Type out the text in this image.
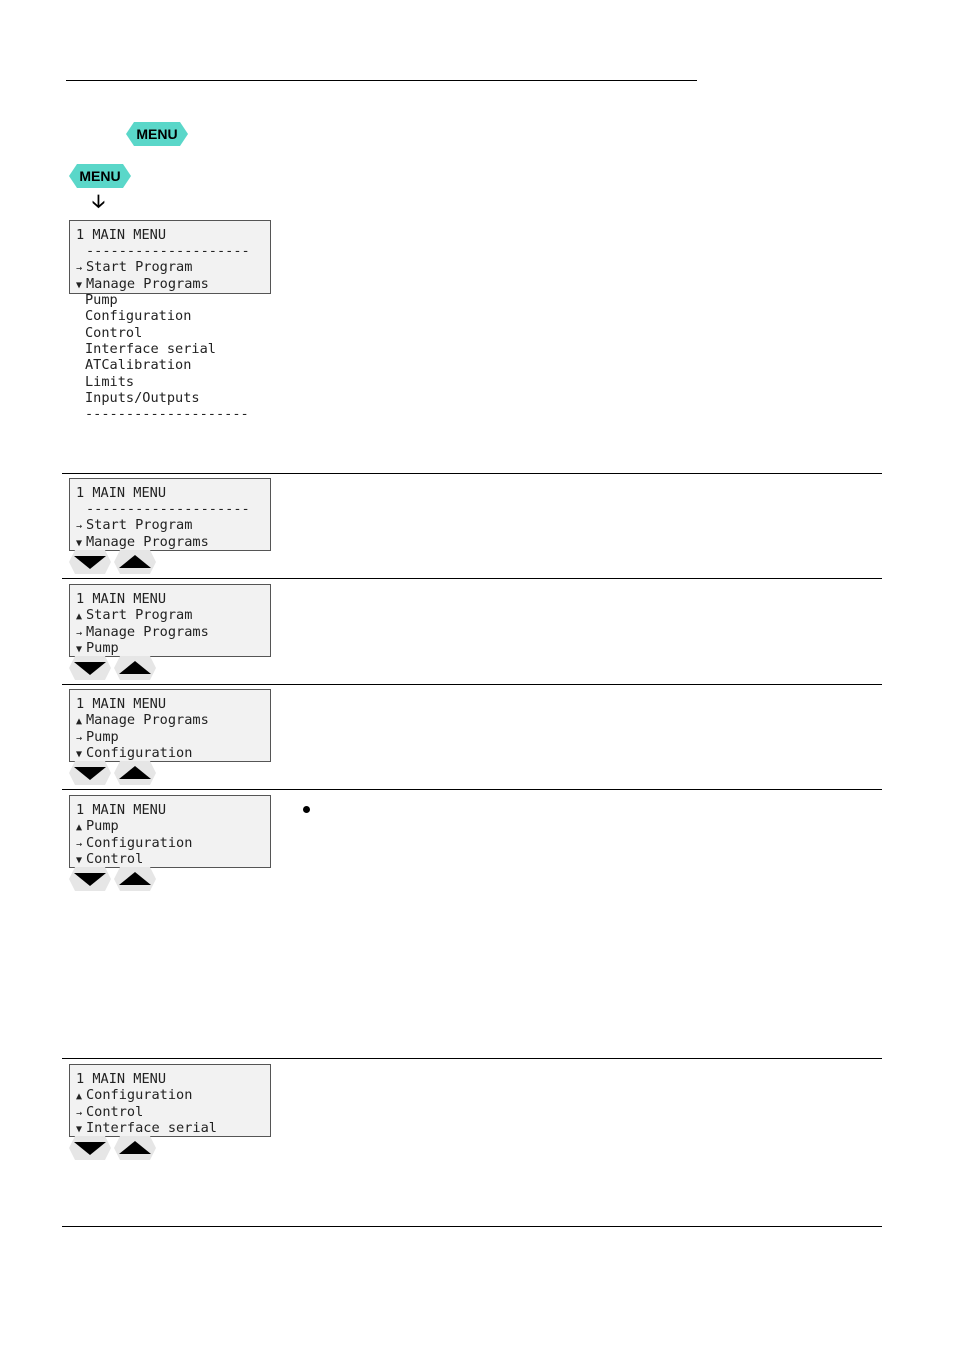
MENU
MENU
🡣
1 MAIN MENU
--------------------
→ Start Program
▼ Manage Programs
Pump
Configuration
Control
Interface serial
ATCalibration
Limits
Inputs/Outputs
--------------------
1 MAIN MENU
--------------------
→ Start Program
▼ Manage Programs
1 MAIN MENU
▲ Start Program
→ Manage Programs
▼ Pump
1 MAIN MENU
▲ Manage Programs
→ Pump
▼ Configuration
1 MAIN MENU
▲ Pump
→ Configuration
▼ Control
1 MAIN MENU
▲ Configuration
→ Control
▼ Interface serial
